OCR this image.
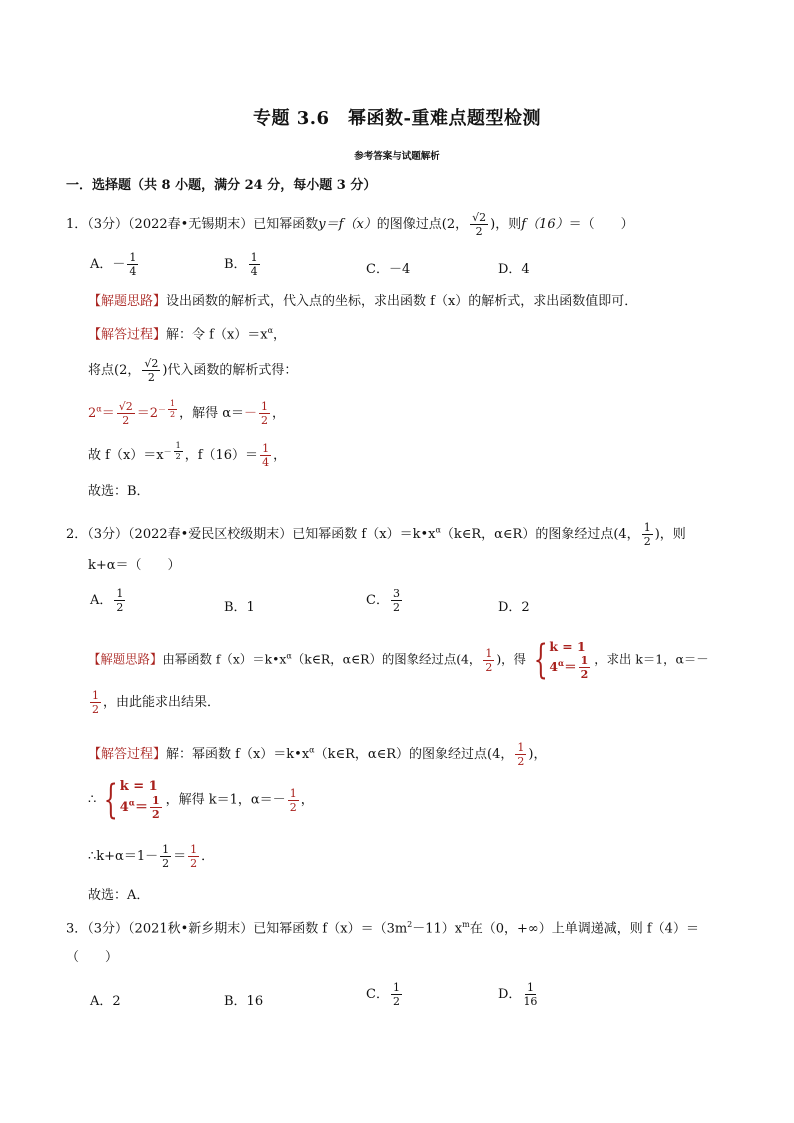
专题 3.6　幂函数-重难点题型检测
参考答案与试题解析
一．选择题（共 8 小题，满分 24 分，每小题 3 分）
1．（3分）（2022春•无锡期末）已知幂函数y＝f（x）的图像过点(2， $\frac{√2}{2}$ )，则f（16）＝（　　）
A．－ $\frac{1}{4}$	B． $\frac{1}{4}$	C．－4	D．4
【解题思路】设出函数的解析式，代入点的坐标，求出函数 f（x）的解析式，求出函数值即可．
【解答过程】解：令 $f(x)=x^\alpha$，
将点(2， $\frac{√2}{2}$ )代入函数的解析式得：
$2^\alpha= \frac{√2}{2} =2^{- \frac{1}{2}}$ ，解得 $\alpha=- \frac{1}{2}$ ，
故 $f(x)=x^{- \frac{1}{2}}$ ，$f(16)= \frac{1}{4}$ ，
故选：B．
2．（3分）（2022春•爱民区校级期末）已知幂函数 $f(x)=k•x^\alpha(k\in R$，α∈R）的图象经过点(4， $\frac{1}{2}$ )，则
k+α＝（　　）
A． $\frac{1}{2}$	B．1	C． $\frac{3}{2}$	D．2
【解题思路】由幂函数 $f(x)=k•x^\alpha(k\in R$，α∈R）的图象经过点(4， $\frac{1}{2}$ )，得 { k = 1
$4^\alpha= \frac{1}{2}$ ，求出 k＝1，α＝－
$\frac{1}{2}$ ，由此能求出结果．
【解答过程】解：幂函数 $f(x)=k•x^\alpha(k\in R$，α∈R）的图象经过点(4， $\frac{1}{2}$ )，
∴ { k = 1
$4^\alpha= \frac{1}{2}$ ，解得 k＝1，$\alpha=- \frac{1}{2}$ ，
∴k+α＝1－ $\frac{1}{2} = \frac{1}{2}$ ．
故选：A．
3．（3分）（2021秋•新乡期末）已知幂函数 $f(x)=(3m^2-11)x^m$在（0，+∞）上单调递减，则 f（4）＝
（　　）
A．2	B．16	C． $\frac{1}{2}$	D． $\frac{1}{16}$
